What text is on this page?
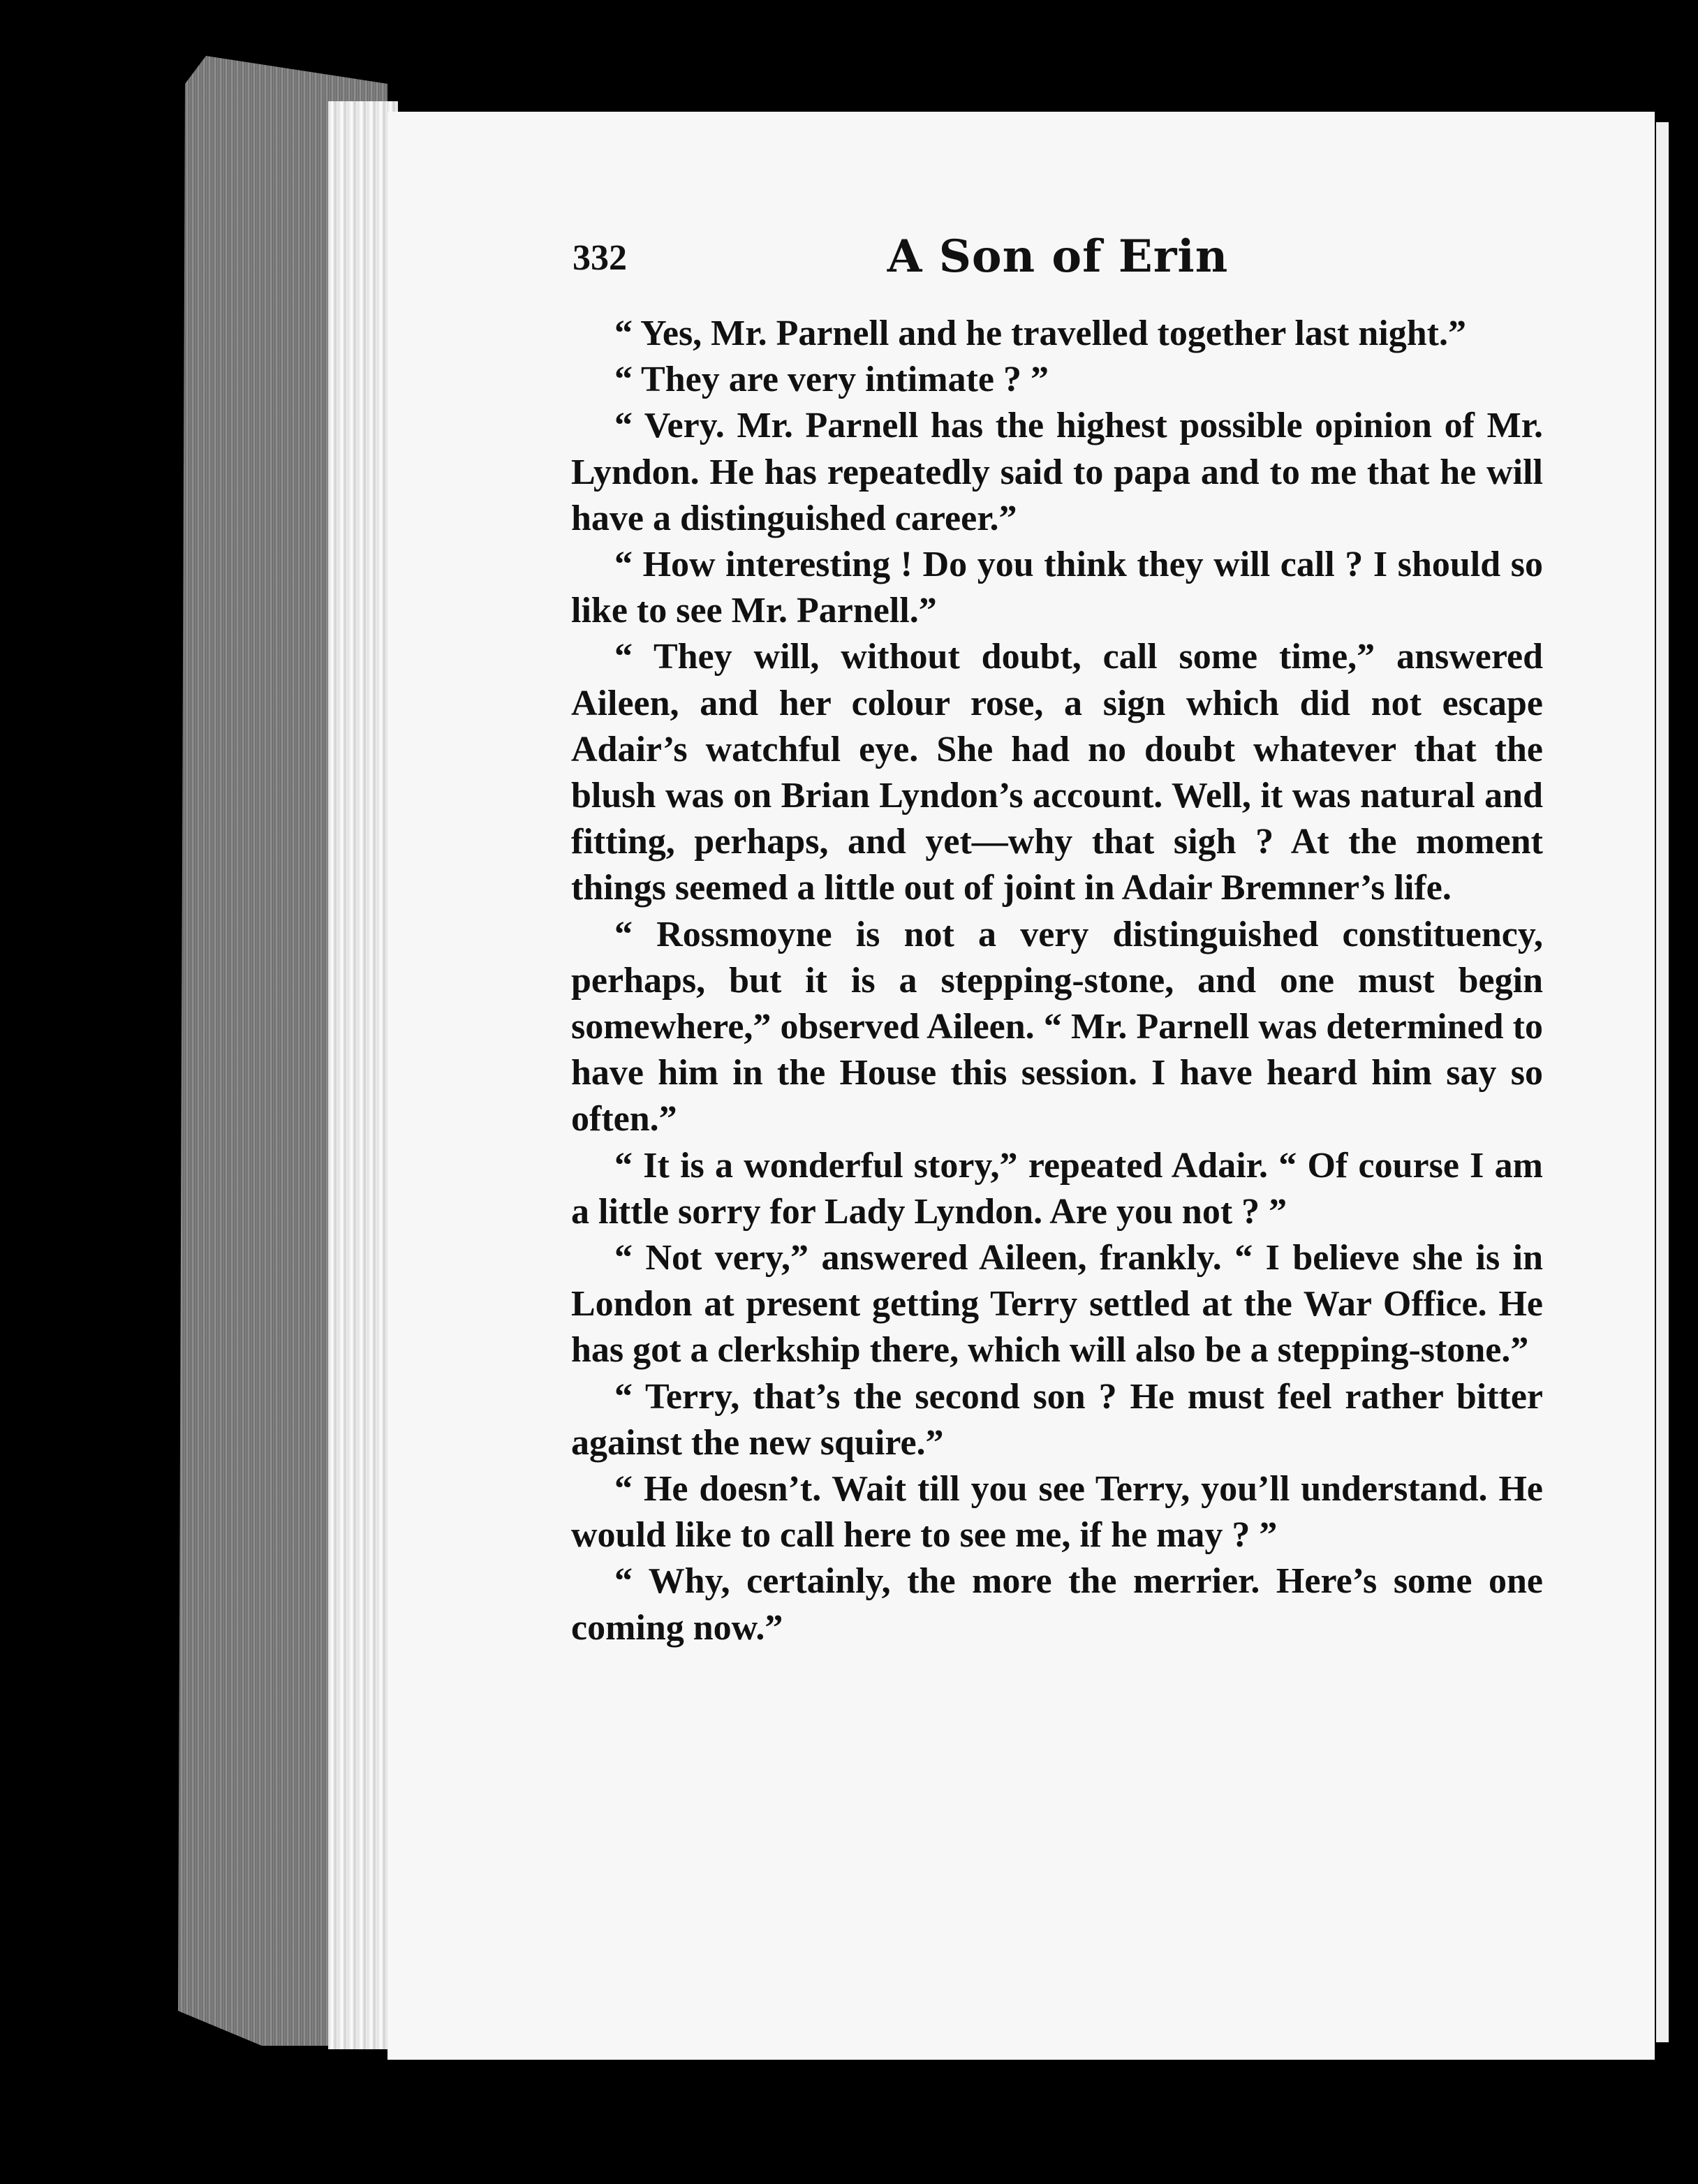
332	A Son of Erin

“ Yes, Mr. Parnell and he travelled together last night.”

“ They are very intimate ? ”

“ Very. Mr. Parnell has the highest possible opinion of Mr. Lyndon. He has repeatedly said to papa and to me that he will have a distinguished career.”

“ How interesting ! Do you think they will call ? I should so like to see Mr. Parnell.”

“ They will, without doubt, call some time,” answered Aileen, and her colour rose, a sign which did not escape Adair’s watchful eye. She had no doubt whatever that the blush was on Brian Lyndon’s account. Well, it was natural and fitting, perhaps, and yet—why that sigh ? At the moment things seemed a little out of joint in Adair Bremner’s life.

“ Rossmoyne is not a very distinguished constituency, perhaps, but it is a stepping-stone, and one must begin somewhere,” observed Aileen. “ Mr. Parnell was determined to have him in the House this session. I have heard him say so often.”

“ It is a wonderful story,” repeated Adair. “ Of course I am a little sorry for Lady Lyndon. Are you not ? ”

“ Not very,” answered Aileen, frankly. “ I believe she is in London at present getting Terry settled at the War Office. He has got a clerkship there, which will also be a stepping-stone.”

“ Terry, that’s the second son ? He must feel rather bitter against the new squire.”

“ He doesn’t. Wait till you see Terry, you’ll understand. He would like to call here to see me, if he may ? ”

“ Why, certainly, the more the merrier. Here’s some one coming now.”
